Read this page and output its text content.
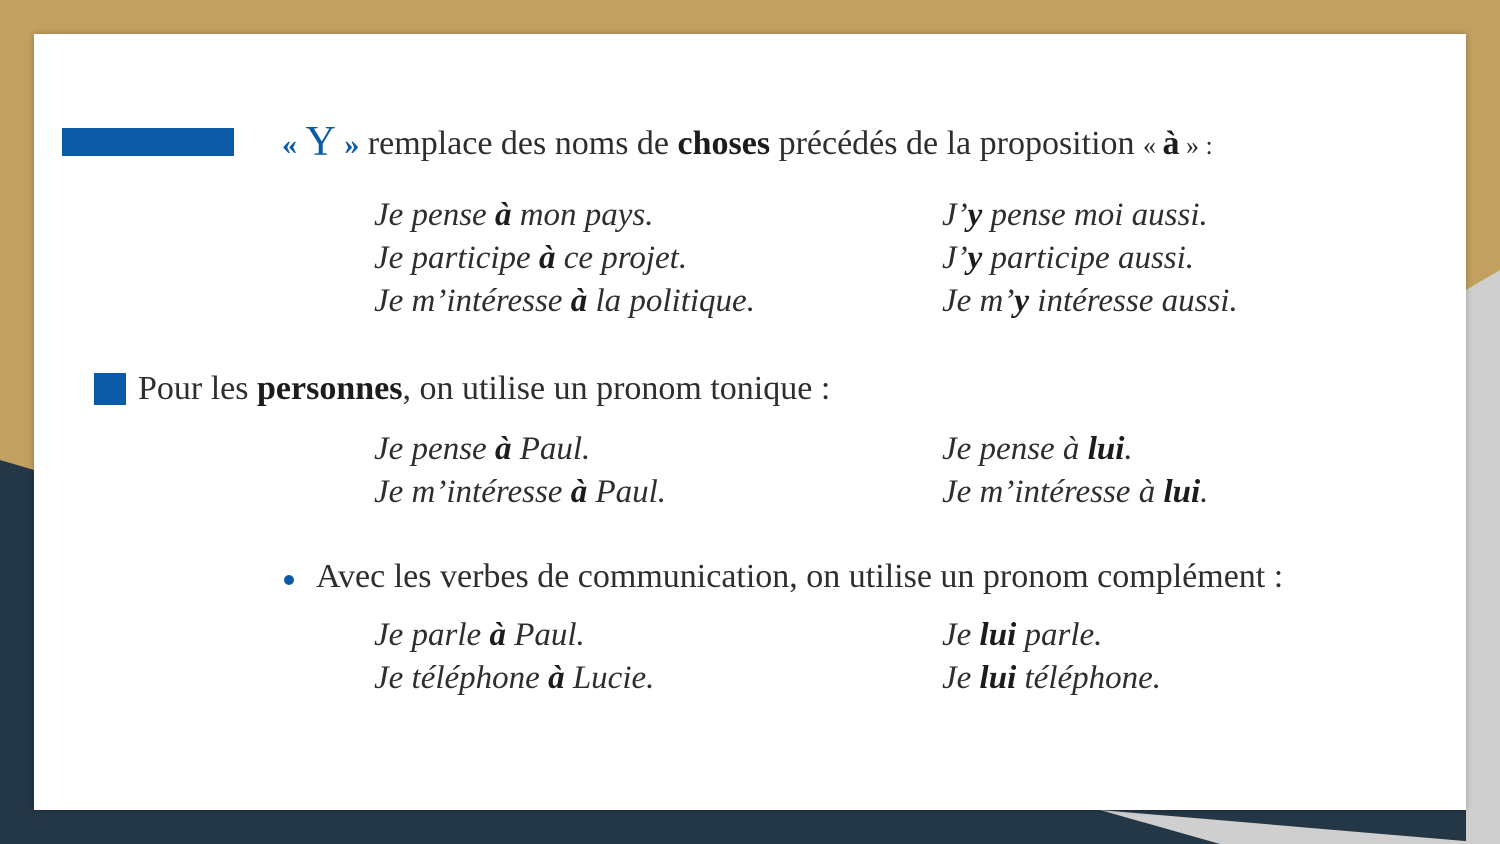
« Y » remplace des noms de choses précédés de la proposition « à » :
Je pense à mon pays.
Je participe à ce projet.
Je m’intéresse à la politique.
J’y pense moi aussi.
J’y participe aussi.
Je m’y intéresse aussi.
Pour les personnes, on utilise un pronom tonique :
Je pense à Paul.
Je m’intéresse à Paul.
Je pense à lui.
Je m’intéresse à lui.
Avec les verbes de communication, on utilise un pronom complément :
Je parle à Paul.
Je téléphone à Lucie.
Je lui parle.
Je lui téléphone.
